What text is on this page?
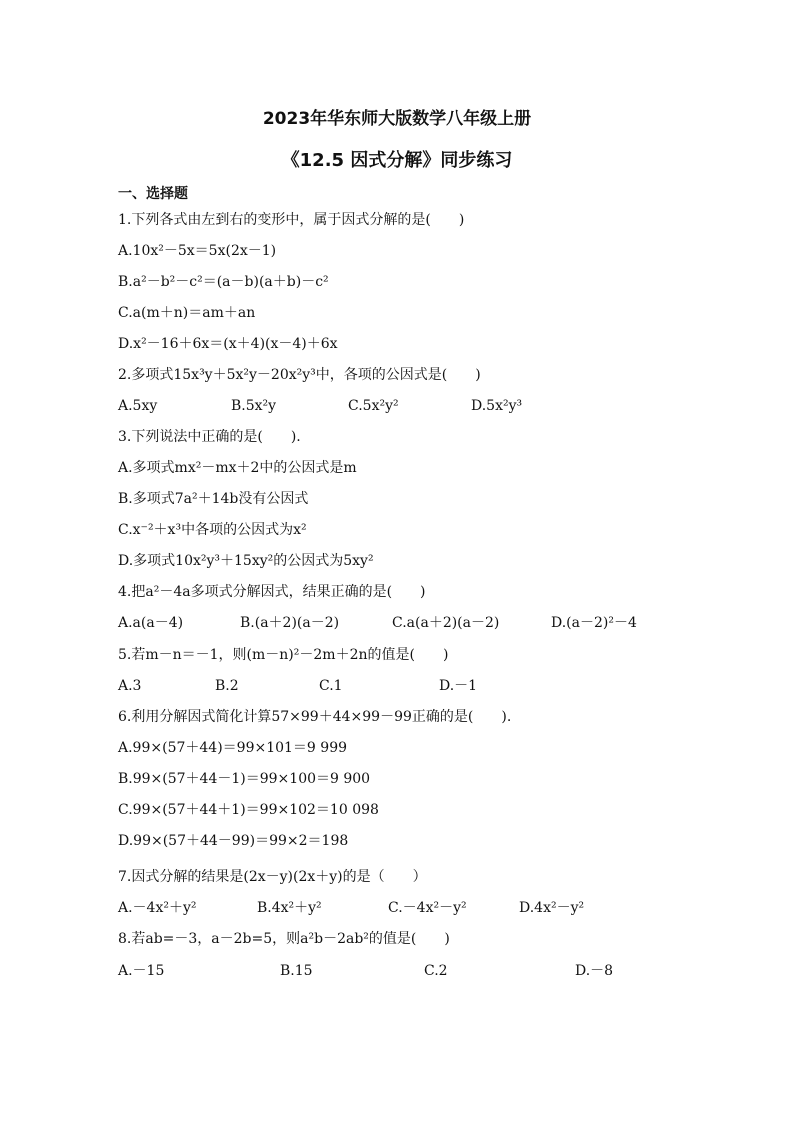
2023年华东师大版数学八年级上册
《12.5 因式分解》同步练习
一、选择题
1.下列各式由左到右的变形中，属于因式分解的是(　　)
A.10x²－5x＝5x(2x－1)
B.a²－b²－c²＝(a－b)(a＋b)－c²
C.a(m＋n)＝am＋an
D.x²－16＋6x＝(x＋4)(x－4)＋6x
2.多项式15x³y＋5x²y－20x²y³中，各项的公因式是(　　)
A.5xy	B.5x²y	C.5x²y²	D.5x²y³
3.下列说法中正确的是(　　).
A.多项式mx²－mx＋2中的公因式是m
B.多项式7a²＋14b没有公因式
C.x⁻²＋x³中各项的公因式为x²
D.多项式10x²y³＋15xy²的公因式为5xy²
4.把a²－4a多项式分解因式，结果正确的是(　　)
A.a(a－4)	B.(a＋2)(a－2)	C.a(a＋2)(a－2)	D.(a－2)²－4
5.若m－n＝－1，则(m－n)²－2m＋2n的值是(　　)
A.3	B.2	C.1	D.－1
6.利用分解因式简化计算57×99＋44×99－99正确的是(　　).
A.99×(57＋44)＝99×101＝9 999
B.99×(57＋44－1)＝99×100＝9 900
C.99×(57＋44＋1)＝99×102＝10 098
D.99×(57＋44－99)＝99×2＝198
7.因式分解的结果是(2x－y)(2x＋y)的是（　　）
A.－4x²＋y²	B.4x²＋y²	C.－4x²－y²	D.4x²－y²
8.若ab=－3，a－2b=5，则a²b－2ab²的值是(　　)
A.－15	B.15	C.2	D.－8
